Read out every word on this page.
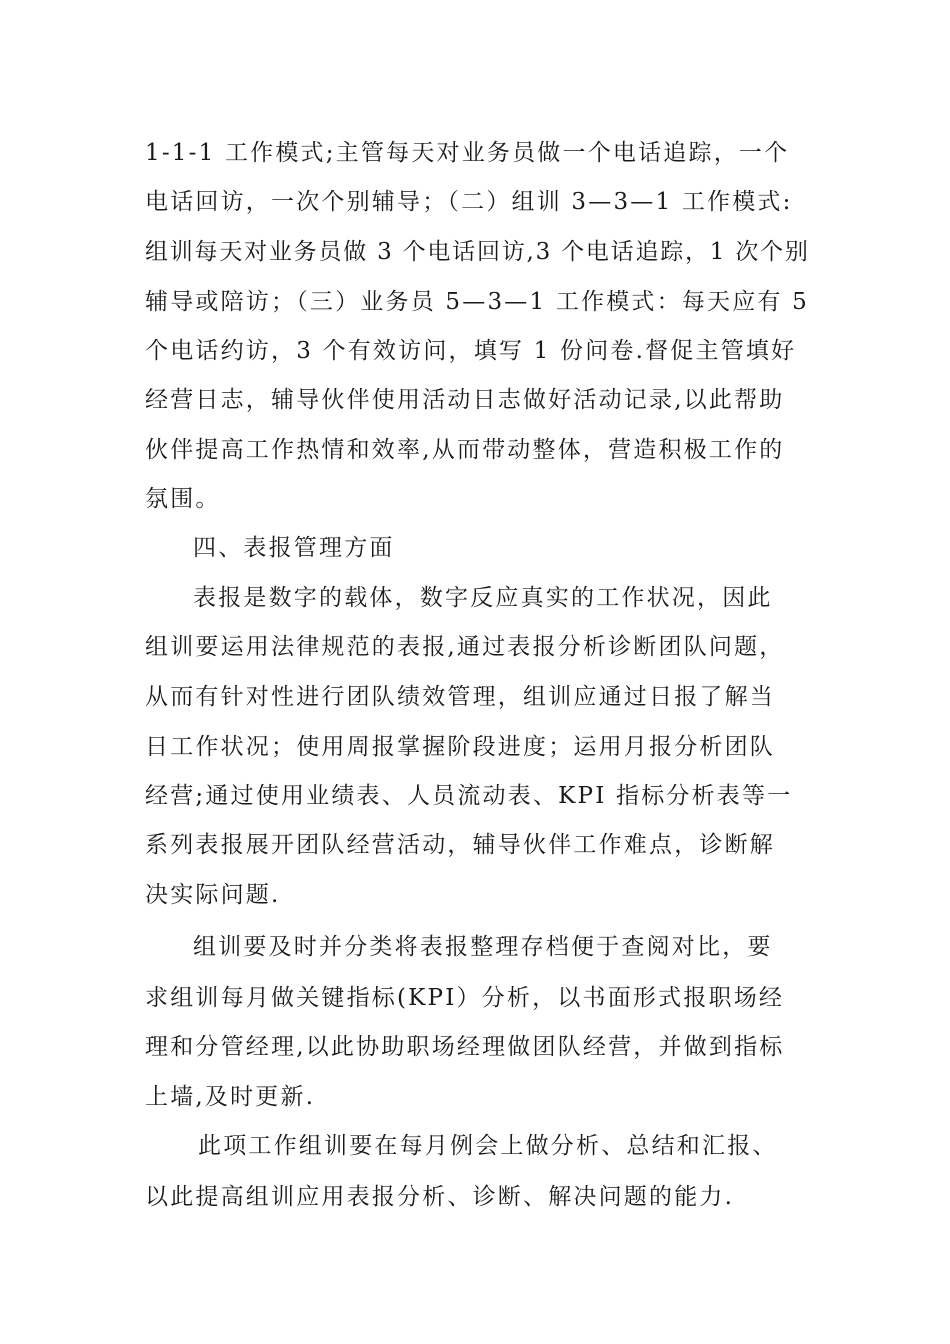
1-1-1 工作模式;主管每天对业务员做一个电话追踪，一个
电话回访，一次个别辅导；（二）组训 3—3—1 工作模式:
组训每天对业务员做 3 个电话回访,3 个电话追踪，1 次个别
辅导或陪访；（三）业务员 5—3—1 工作模式：每天应有 5
个电话约访，3 个有效访问，填写 1 份问卷.督促主管填好
经营日志，辅导伙伴使用活动日志做好活动记录,以此帮助
伙伴提高工作热情和效率,从而带动整体，营造积极工作的
氛围。
四、表报管理方面
表报是数字的载体，数字反应真实的工作状况，因此
组训要运用法律规范的表报,通过表报分析诊断团队问题，
从而有针对性进行团队绩效管理，组训应通过日报了解当
日工作状况；使用周报掌握阶段进度；运用月报分析团队
经营;通过使用业绩表、人员流动表、KPI 指标分析表等一
系列表报展开团队经营活动，辅导伙伴工作难点，诊断解
决实际问题.
组训要及时并分类将表报整理存档便于查阅对比，要
求组训每月做关键指标(KPI）分析，以书面形式报职场经
理和分管经理,以此协助职场经理做团队经营，并做到指标
上墙,及时更新.
此项工作组训要在每月例会上做分析、总结和汇报、
以此提高组训应用表报分析、诊断、解决问题的能力.
